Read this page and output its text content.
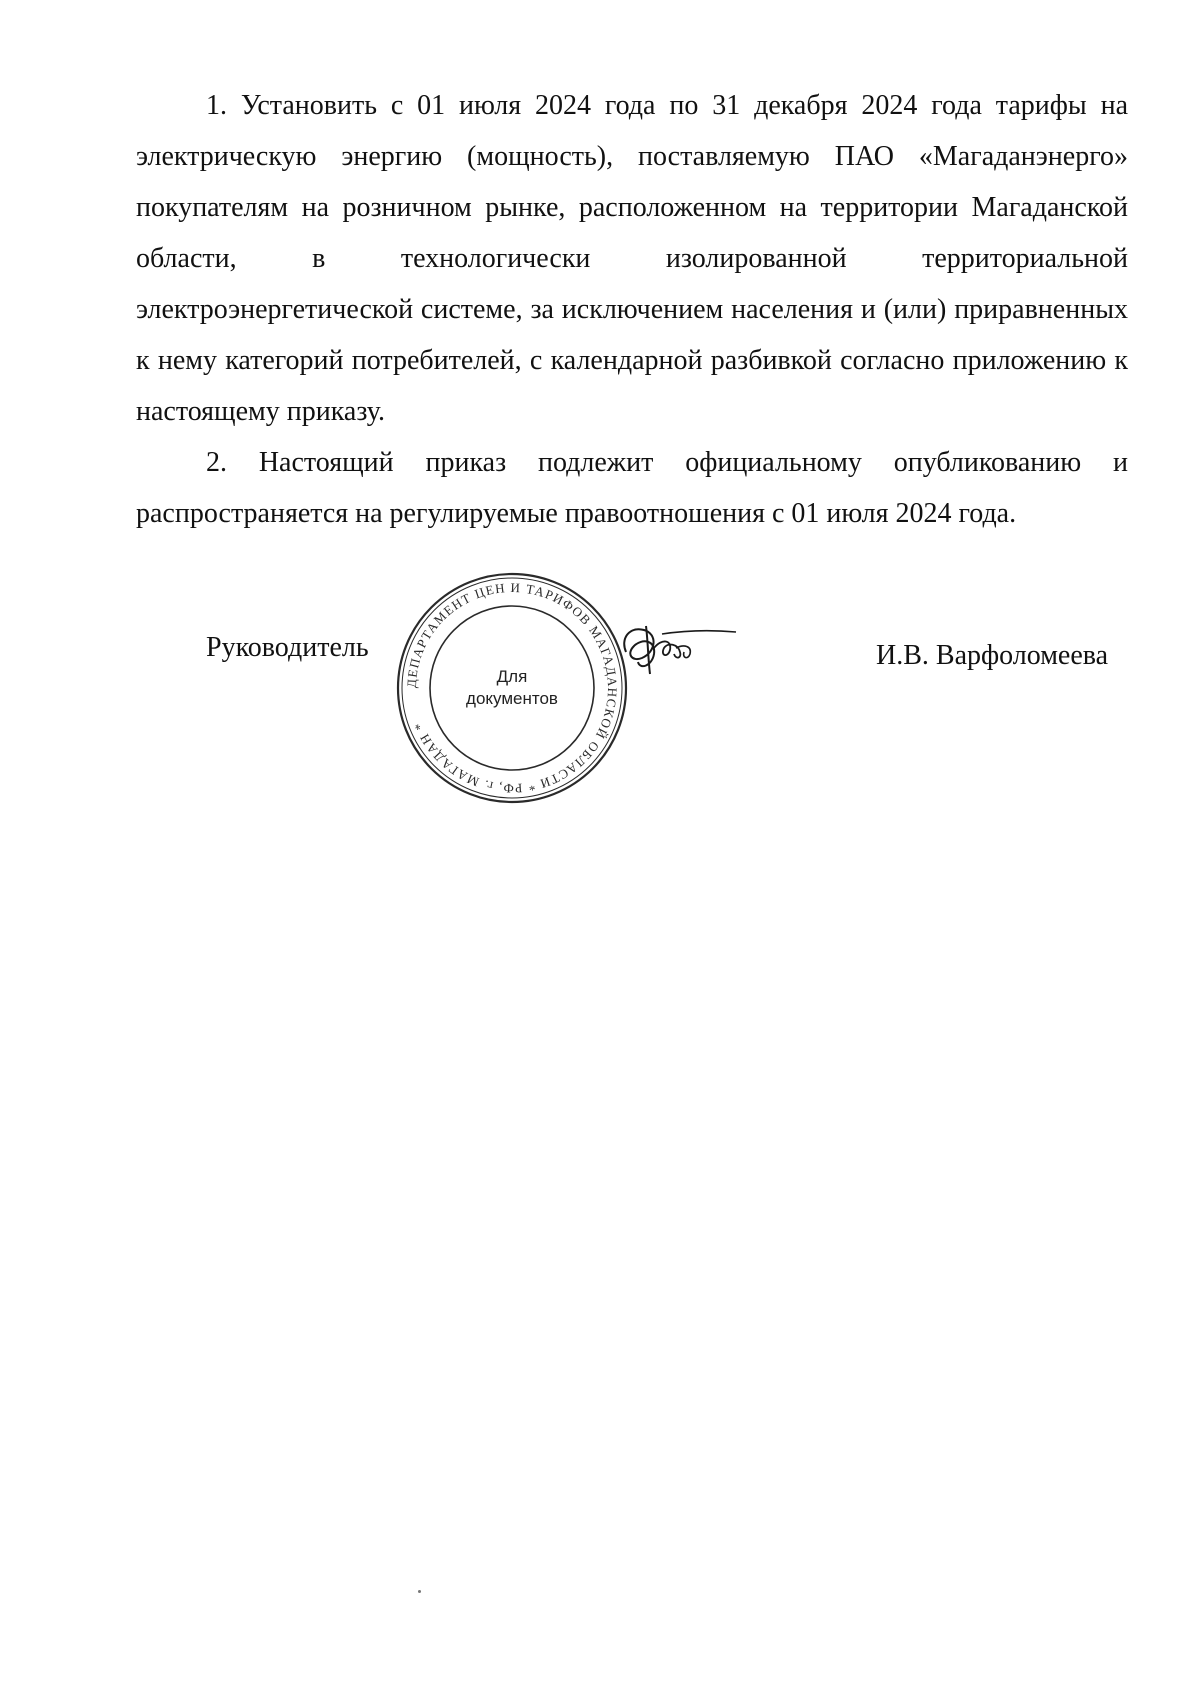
1. Установить с 01 июля 2024 года по 31 декабря 2024 года тарифы на электрическую энергию (мощность), поставляемую ПАО «Магаданэнерго» покупателям на розничном рынке, расположенном на территории Магаданской области, в технологически изолированной территориальной электроэнергетической системе, за исключением населения и (или) приравненных к нему категорий потребителей, с календарной разбивкой согласно приложению к настоящему приказу.

2. Настоящий приказ подлежит официальному опубликованию и распространяется на регулируемые правоотношения с 01 июля 2024 года.

Руководитель
ДЕПАРТАМЕНТ ЦЕН И ТАРИФОВ МАГАДАНСКОЙ ОБЛАСТИ * РФ, г. МАГАДАН *
Для
документов
И.В. Варфоломеева
